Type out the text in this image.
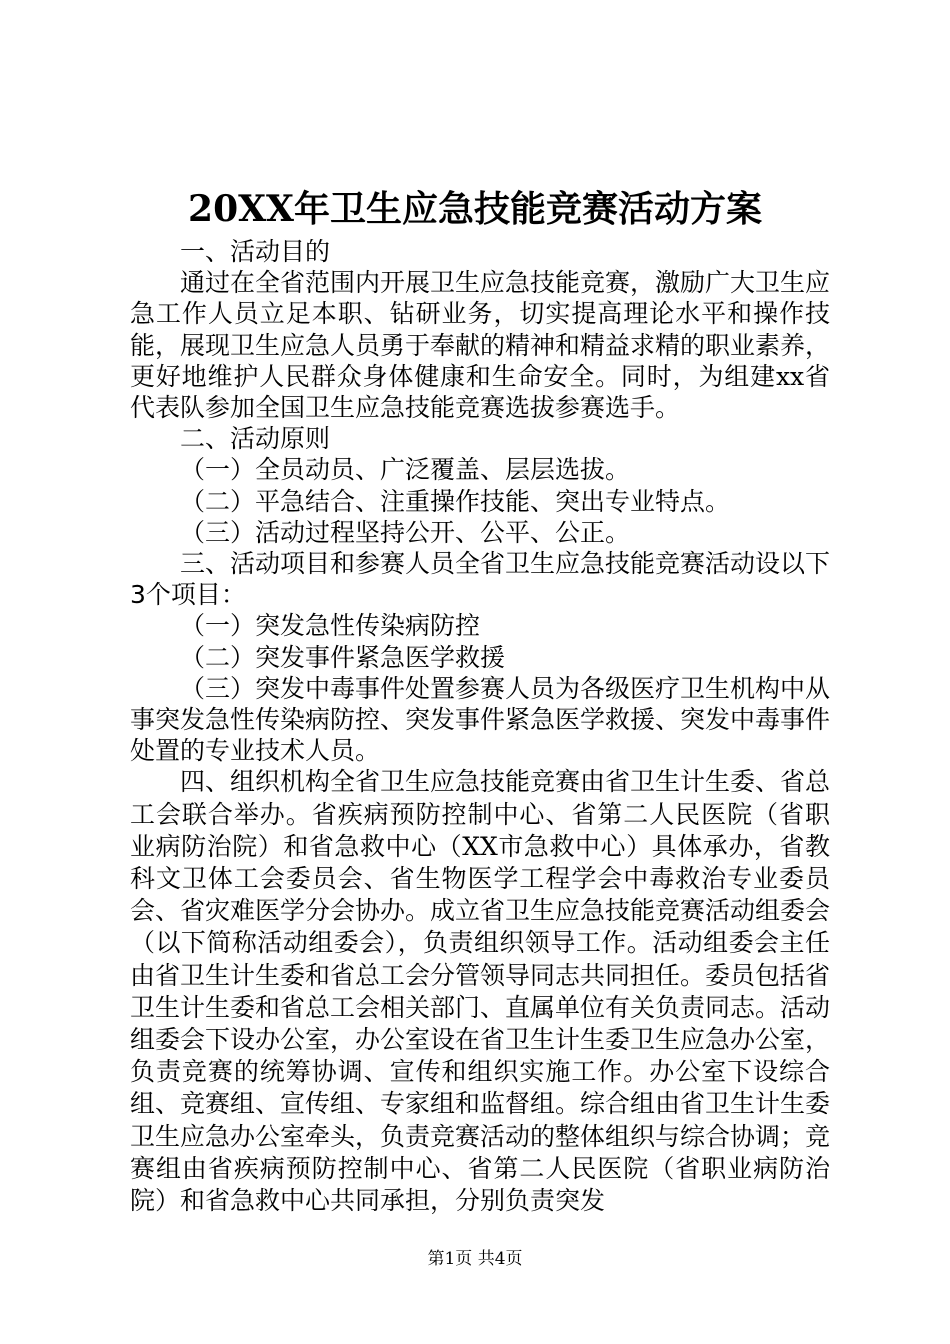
20XX年卫生应急技能竞赛活动方案

一、活动目的

通过在全省范围内开展卫生应急技能竞赛，激励广大卫生应急工作人员立足本职、钻研业务，切实提高理论水平和操作技能，展现卫生应急人员勇于奉献的精神和精益求精的职业素养，更好地维护人民群众身体健康和生命安全。同时，为组建xx省代表队参加全国卫生应急技能竞赛选拔参赛选手。

二、活动原则

（一）全员动员、广泛覆盖、层层选拔。

（二）平急结合、注重操作技能、突出专业特点。

（三）活动过程坚持公开、公平、公正。

三、活动项目和参赛人员全省卫生应急技能竞赛活动设以下3个项目：

（一）突发急性传染病防控

（二）突发事件紧急医学救援

（三）突发中毒事件处置参赛人员为各级医疗卫生机构中从事突发急性传染病防控、突发事件紧急医学救援、突发中毒事件处置的专业技术人员。

四、组织机构全省卫生应急技能竞赛由省卫生计生委、省总工会联合举办。省疾病预防控制中心、省第二人民医院（省职业病防治院）和省急救中心（XX市急救中心）具体承办，省教科文卫体工会委员会、省生物医学工程学会中毒救治专业委员会、省灾难医学分会协办。成立省卫生应急技能竞赛活动组委会（以下简称活动组委会），负责组织领导工作。活动组委会主任由省卫生计生委和省总工会分管领导同志共同担任。委员包括省卫生计生委和省总工会相关部门、直属单位有关负责同志。活动组委会下设办公室，办公室设在省卫生计生委卫生应急办公室，负责竞赛的统筹协调、宣传和组织实施工作。办公室下设综合组、竞赛组、宣传组、专家组和监督组。综合组由省卫生计生委卫生应急办公室牵头，负责竞赛活动的整体组织与综合协调；竞赛组由省疾病预防控制中心、省第二人民医院（省职业病防治院）和省急救中心共同承担，分别负责突发

第1页 共4页
